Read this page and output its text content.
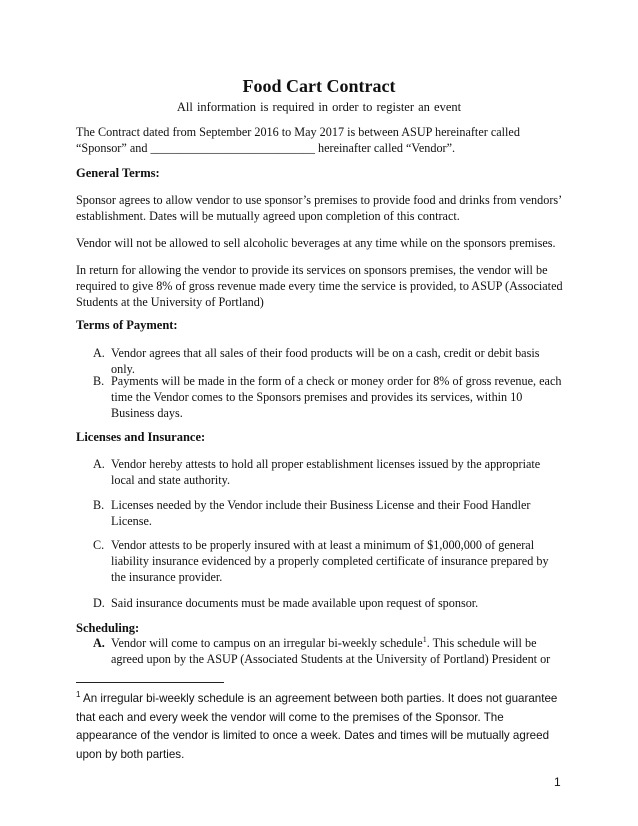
Food Cart Contract
All information is required in order to register an event
The Contract dated from September 2016 to May 2017 is between ASUP hereinafter called
“Sponsor” and ___________________________ hereinafter called “Vendor”.
General Terms:
Sponsor agrees to allow vendor to use sponsor’s premises to provide food and drinks from vendors’ establishment. Dates will be mutually agreed upon completion of this contract.
Vendor will not be allowed to sell alcoholic beverages at any time while on the sponsors premises.
In return for allowing the vendor to provide its services on sponsors premises, the vendor will be required to give 8% of gross revenue made every time the service is provided, to ASUP (Associated Students at the University of Portland)
Terms of Payment:
A. Vendor agrees that all sales of their food products will be on a cash, credit or debit basis only.
B. Payments will be made in the form of a check or money order for 8% of gross revenue, each time the Vendor comes to the Sponsors premises and provides its services, within 10 Business days.
Licenses and Insurance:
A. Vendor hereby attests to hold all proper establishment licenses issued by the appropriate local and state authority.
B. Licenses needed by the Vendor include their Business License and their Food Handler License.
C. Vendor attests to be properly insured with at least a minimum of $1,000,000 of general liability insurance evidenced by a properly completed certificate of insurance prepared by the insurance provider.
D. Said insurance documents must be made available upon request of sponsor.
Scheduling:
A. Vendor will come to campus on an irregular bi-weekly schedule$^1$. This schedule will be agreed upon by the ASUP (Associated Students at the University of Portland) President or
$^1$ An irregular bi-weekly schedule is an agreement between both parties. It does not guarantee that each and every week the vendor will come to the premises of the Sponsor. The appearance of the vendor is limited to once a week. Dates and times will be mutually agreed upon by both parties.
1
